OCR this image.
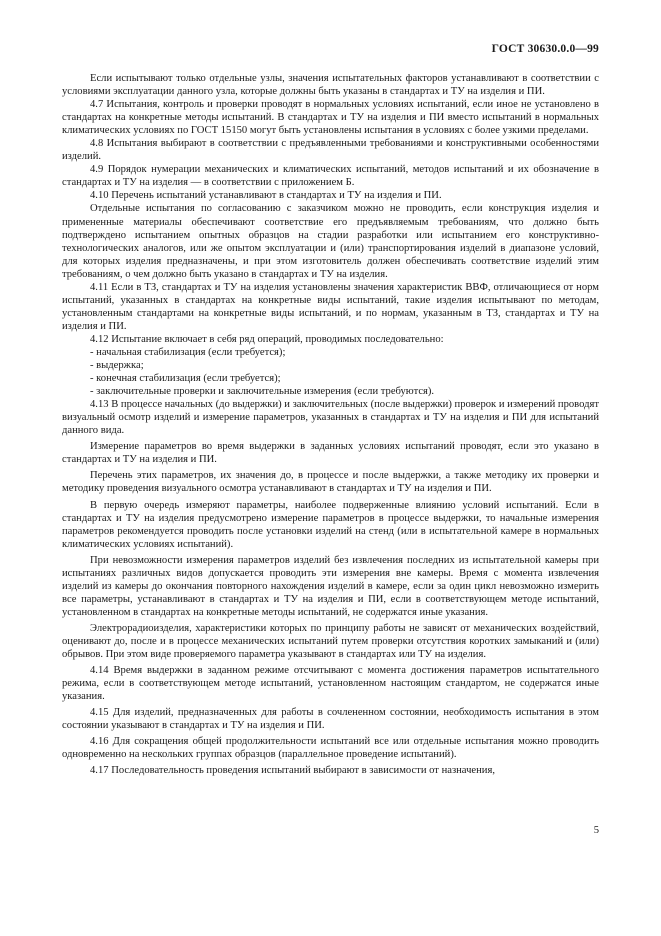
ГОСТ 30630.0.0—99

Если испытывают только отдельные узлы, значения испытательных факторов устанавливают в соответствии с условиями эксплуатации данного узла, которые должны быть указаны в стандартах и ТУ на изделия и ПИ.

4.7 Испытания, контроль и проверки проводят в нормальных условиях испытаний, если иное не установлено в стандартах на конкретные методы испытаний. В стандартах и ТУ на изделия и ПИ вместо испытаний в нормальных климатических условиях по ГОСТ 15150 могут быть установлены испытания в условиях с более узкими пределами.

4.8 Испытания выбирают в соответствии с предъявленными требованиями и конструктивными особенностями изделий.

4.9 Порядок нумерации механических и климатических испытаний, методов испытаний и их обозначение в стандартах и ТУ на изделия — в соответствии с приложением Б.

4.10 Перечень испытаний устанавливают в стандартах и ТУ на изделия и ПИ.

Отдельные испытания по согласованию с заказчиком можно не проводить, если конструкция изделия и примененные материалы обеспечивают соответствие его предъявляемым требованиям, что должно быть подтверждено испытанием опытных образцов на стадии разработки или испытанием его конструктивно-технологических аналогов, или же опытом эксплуатации и (или) транспортирования изделий в диапазоне условий, для которых изделия предназначены, и при этом изготовитель должен обеспечивать соответствие изделий этим требованиям, о чем должно быть указано в стандартах и ТУ на изделия.

4.11 Если в ТЗ, стандартах и ТУ на изделия установлены значения характеристик ВВФ, отличающиеся от норм испытаний, указанных в стандартах на конкретные виды испытаний, такие изделия испытывают по методам, установленным стандартами на конкретные виды испытаний, и по нормам, указанным в ТЗ, стандартах и ТУ на изделия и ПИ.

4.12 Испытание включает в себя ряд операций, проводимых последовательно:

- начальная стабилизация (если требуется);
- выдержка;
- конечная стабилизация (если требуется);
- заключительные проверки и заключительные измерения (если требуются).

4.13 В процессе начальных (до выдержки) и заключительных (после выдержки) проверок и измерений проводят визуальный осмотр изделий и измерение параметров, указанных в стандартах и ТУ на изделия и ПИ для испытаний данного вида.

Измерение параметров во время выдержки в заданных условиях испытаний проводят, если это указано в стандартах и ТУ на изделия и ПИ.

Перечень этих параметров, их значения до, в процессе и после выдержки, а также методику их проверки и методику проведения визуального осмотра устанавливают в стандартах и ТУ на изделия и ПИ.

В первую очередь измеряют параметры, наиболее подверженные влиянию условий испытаний. Если в стандартах и ТУ на изделия предусмотрено измерение параметров в процессе выдержки, то начальные измерения параметров рекомендуется проводить после установки изделий на стенд (или в испытательной камере в нормальных климатических условиях испытаний).

При невозможности измерения параметров изделий без извлечения последних из испытательной камеры при испытаниях различных видов допускается проводить эти измерения вне камеры. Время с момента извлечения изделий из камеры до окончания повторного нахождения изделий в камере, если за один цикл невозможно измерить все параметры, устанавливают в стандартах и ТУ на изделия и ПИ, если в соответствующем методе испытаний, установленном в стандартах на конкретные методы испытаний, не содержатся иные указания.

Электрорадиоизделия, характеристики которых по принципу работы не зависят от механических воздействий, оценивают до, после и в процессе механических испытаний путем проверки отсутствия коротких замыканий и (или) обрывов. При этом виде проверяемого параметра указывают в стандартах или ТУ на изделия.

4.14 Время выдержки в заданном режиме отсчитывают с момента достижения параметров испытательного режима, если в соответствующем методе испытаний, установленном настоящим стандартом, не содержатся иные указания.

4.15 Для изделий, предназначенных для работы в сочлененном состоянии, необходимость испытания в этом состоянии указывают в стандартах и ТУ на изделия и ПИ.

4.16 Для сокращения общей продолжительности испытаний все или отдельные испытания можно проводить одновременно на нескольких группах образцов (параллельное проведение испытаний).

4.17 Последовательность проведения испытаний выбирают в зависимости от назначения,

5
